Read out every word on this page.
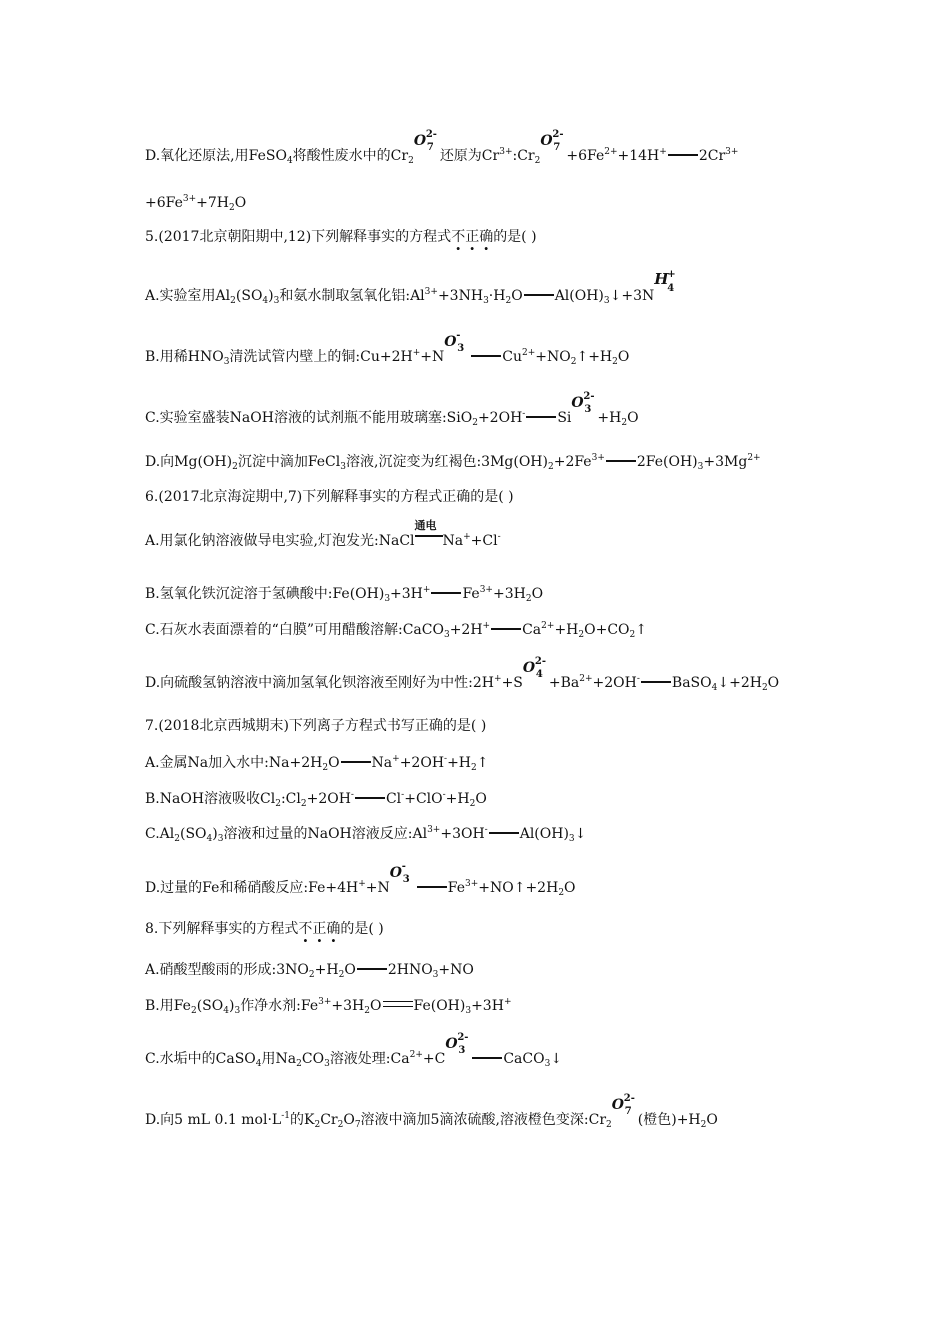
D.氧化还原法,用FeSO$_4$将酸性废水中的$Cr_2$
O 2-
7
还原为$Cr^{3+}:Cr_2$
O 2-
7
$+6Fe^{2+}+14H^+$ $2Cr^{3+}$
$+6Fe^{3+}+7H_2O$
5.(2017北京朝阳期中,12)下列解释事实的方程式不正确的是( )
A.实验室用$Al_2(SO_4)_3$和氨水制取氢氧化铝$:Al^{3+}+3NH_3\cdot H_2O$ $Al(OH)_3↓+3N$
H
+
4
B.用稀$HNO_3$清洗试管内壁上的铜:Cu+2H++N
O -
3
$Cu^{2+}+NO_2↑+H_2O$
C.实验室盛装NaOH溶液的试剂瓶不能用玻璃塞:SiO$_2$+2OH- Si
O 2-
3
$+H_2O$
D.向$Mg(OH)_2$沉淀中滴加FeCl$_3$溶液,沉淀变为红褐色$:3Mg(OH)_2+2Fe^{3+}$ $2Fe(OH)_3+3Mg^{2+}$
6.(2017北京海淀期中,7)下列解释事实的方程式正确的是( )
A.用氯化钠溶液做导电实验,灯泡发光:NaCl
通电
Na++Cl-
B.氢氧化铁沉淀溶于氢碘酸中$:Fe(OH)_3+3H^+$ $Fe^{3+}+3H_2O$
C.石灰水表面漂着的“白膜”可用醋酸溶解:CaCO$_3$+2H+ $Ca^{2+}+H_2O+CO_2↑$
D.向硫酸氢钠溶液中滴加氢氧化钡溶液至刚好为中性:2H++S
O 2-
4
$+Ba^{2+}+2OH^-$ $BaSO_4↓+2H_2O$
7.(2018北京西城期末)下列离子方程式书写正确的是( )
A.金属Na加入水中$:Na+2H_2O$ $Na^++2OH^-+H_2↑$
B.NaOH溶液吸收$Cl_2:Cl_2+2OH^-$ $Cl^-+ClO^-+H_2O$
$C.Al_2(SO_4)_3$溶液和过量的NaOH溶液反应$:Al^{3+}+3OH^-$ $Al(OH)_3↓$
D.过量的Fe和稀硝酸反应:Fe+4H++N
O -
3
$Fe^{3+}+NO↑+2H_2O$
8.下列解释事实的方程式不正确的是( )
A.硝酸型酸雨的形成$:3NO_2+H_2O$ $2HNO_3+NO$
B.用$Fe_2(SO_4)_3$作净水剂$:Fe^{3+}+3H_2O$ $Fe(OH)_3+3H^+$
C.水垢中的CaSO$_4$用$Na_2CO_3$溶液处理$:Ca^{2+}+C$
O 2-
3
CaCO$_3$↓
D.向5 mL 0.1 $mol\cdot L^{-1}$的$K_2Cr_2O_7$溶液中滴加5滴浓硫酸,溶液橙色变深$:Cr_2$
O 2-
7
(橙色)$+H_2O$
